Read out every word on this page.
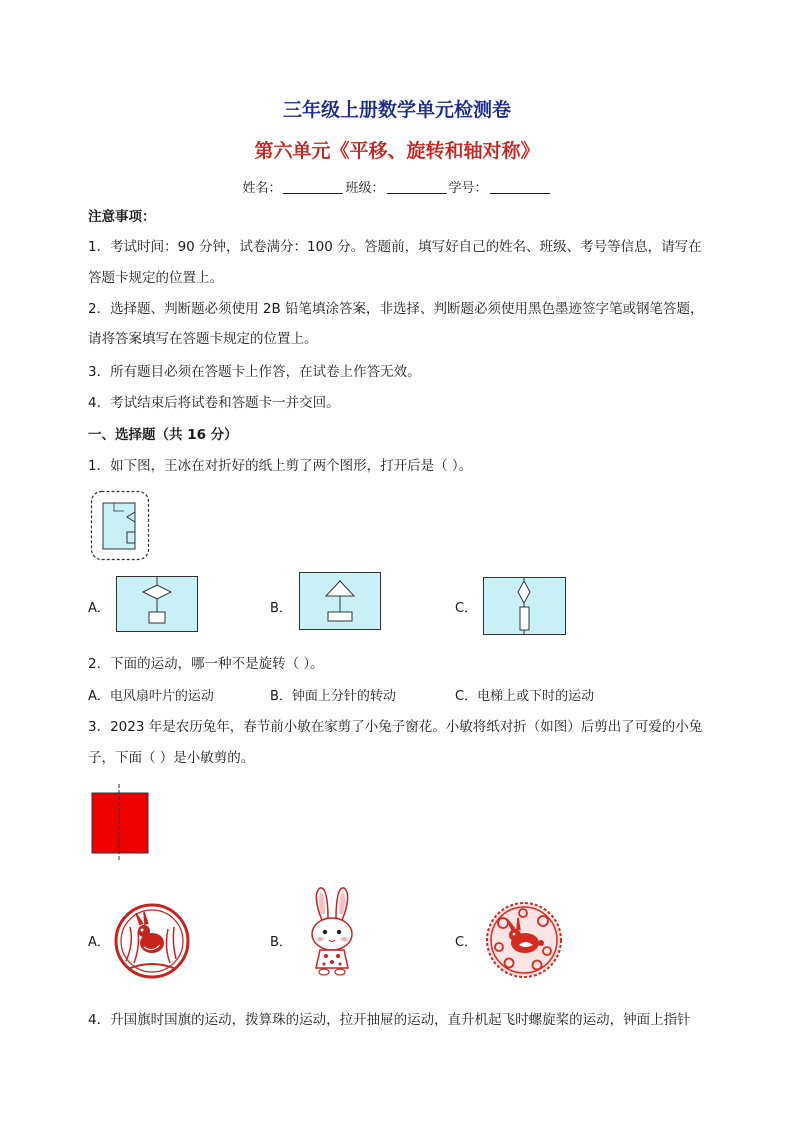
三年级上册数学单元检测卷
第六单元《平移、旋转和轴对称》
姓名：	班级：	学号：
注意事项：
1．考试时间：90 分钟，试卷满分：100 分。答题前，填写好自己的姓名、班级、考号等信息，请写在
答题卡规定的位置上。
2．选择题、判断题必须使用 2B 铅笔填涂答案，非选择、判断题必须使用黑色墨迹签字笔或钢笔答题，
请将答案填写在答题卡规定的位置上。
3．所有题目必须在答题卡上作答，在试卷上作答无效。
4．考试结束后将试卷和答题卡一并交回。
一、选择题（共 16 分）
1．如下图，王冰在对折好的纸上剪了两个图形，打开后是（ ）。
A．	B．	C．
2．下面的运动，哪一种不是旋转（ ）。
A．电风扇叶片的运动	B．钟面上分针的转动	C．电梯上或下时的运动
3．2023 年是农历兔年，春节前小敏在家剪了小兔子窗花。小敏将纸对折（如图）后剪出了可爱的小兔
子，下面（ ）是小敏剪的。
A．	B．	C．
4．升国旗时国旗的运动，拨算珠的运动，拉开抽屉的运动，直升机起飞时螺旋桨的运动，钟面上指针
